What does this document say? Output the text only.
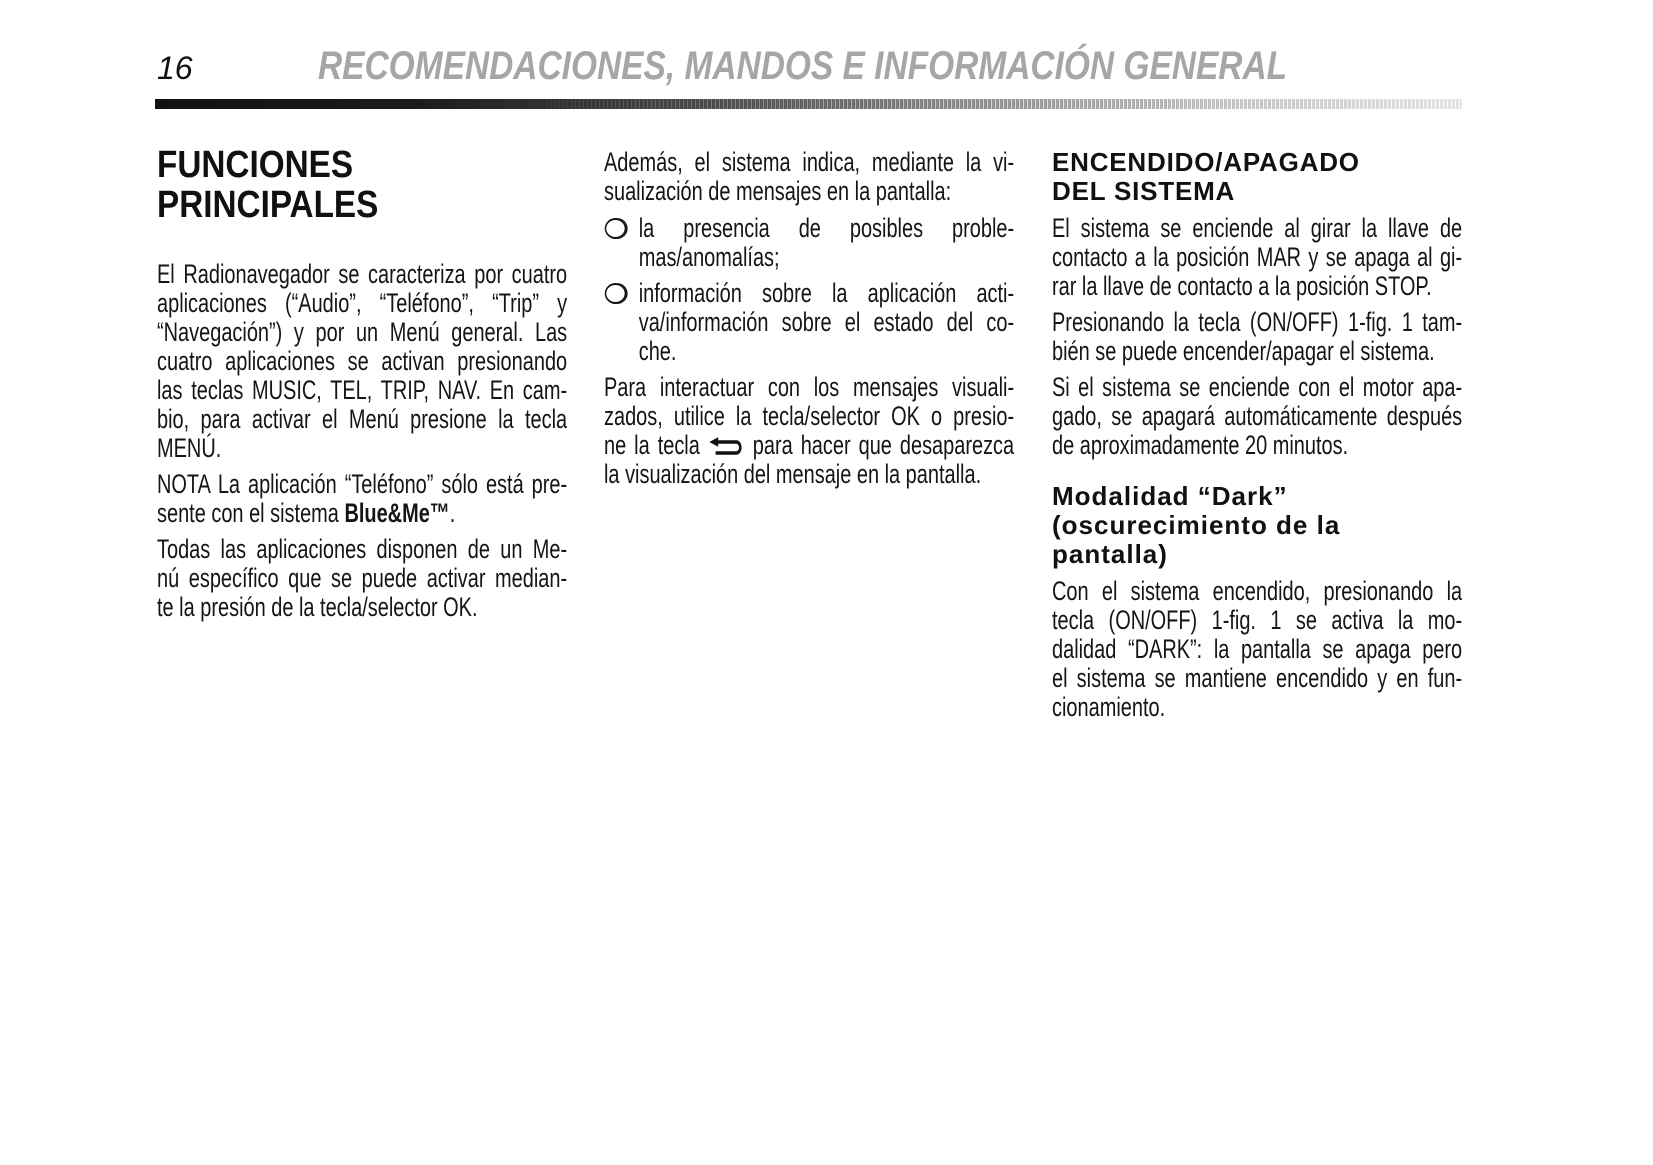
16	RECOMENDACIONES, MANDOS E INFORMACIÓN GENERAL
FUNCIONES
PRINCIPALES
El Radionavegador se caracteriza por cuatro
aplicaciones (“Audio”, “Teléfono”, “Trip” y
“Navegación”) y por un Menú general. Las
cuatro aplicaciones se activan presionando
las teclas MUSIC, TEL, TRIP, NAV. En cam-
bio, para activar el Menú presione la tecla
MENÚ.
NOTA La aplicación “Teléfono” sólo está pre-
sente con el sistema Blue&Me™.
Todas las aplicaciones disponen de un Me-
nú específico que se puede activar median-
te la presión de la tecla/selector OK.
Además, el sistema indica, mediante la vi-
sualización de mensajes en la pantalla:
la presencia de posibles proble-
mas/anomalías;
información sobre la aplicación acti-
va/información sobre el estado del co-
che.
Para interactuar con los mensajes visuali-
zados, utilice la tecla/selector OK o presio-
ne la tecla para hacer que desaparezca
la visualización del mensaje en la pantalla.
ENCENDIDO/APAGADO
DEL SISTEMA
El sistema se enciende al girar la llave de
contacto a la posición MAR y se apaga al gi-
rar la llave de contacto a la posición STOP.
Presionando la tecla (ON/OFF) 1-fig. 1 tam-
bién se puede encender/apagar el sistema.
Si el sistema se enciende con el motor apa-
gado, se apagará automáticamente después
de aproximadamente 20 minutos.
Modalidad “Dark”
(oscurecimiento de la
pantalla)
Con el sistema encendido, presionando la
tecla (ON/OFF) 1-fig. 1 se activa la mo-
dalidad “DARK”: la pantalla se apaga pero
el sistema se mantiene encendido y en fun-
cionamiento.
